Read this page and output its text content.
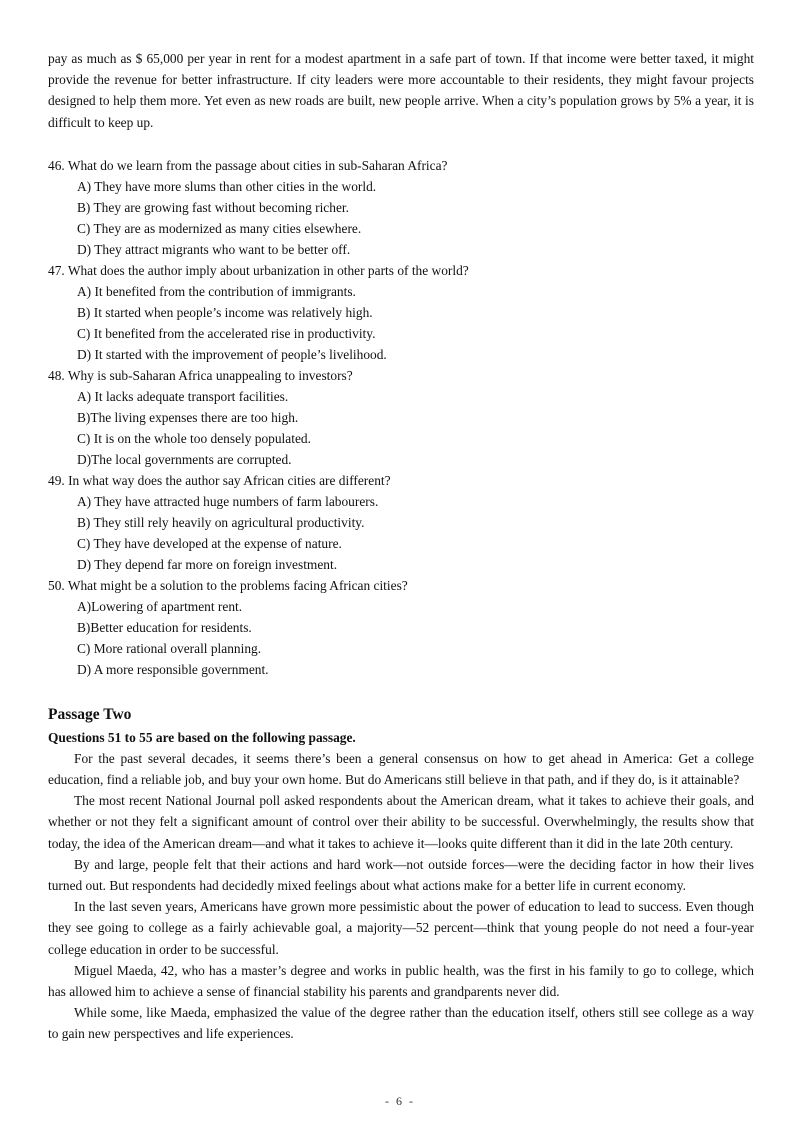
pay as much as $ 65,000 per year in rent for a modest apartment in a safe part of town. If that income were better taxed, it might provide the revenue for better infrastructure. If city leaders were more accountable to their residents, they might favour projects designed to help them more. Yet even as new roads are built, new people arrive. When a city’s population grows by 5% a year, it is difficult to keep up.

46. What do we learn from the passage about cities in sub-Saharan Africa?

A) They have more slums than other cities in the world.

B) They are growing fast without becoming richer.

C) They are as modernized as many cities elsewhere.

D) They attract migrants who want to be better off.

47. What does the author imply about urbanization in other parts of the world?

A) It benefited from the contribution of immigrants.

B) It started when people’s income was relatively high.

C) It benefited from the accelerated rise in productivity.

D) It started with the improvement of people’s livelihood.

48. Why is sub-Saharan Africa unappealing to investors?

A) It lacks adequate transport facilities.

B)The living expenses there are too high.

C) It is on the whole too densely populated.

D)The local governments are corrupted.

49. In what way does the author say African cities are different?

A) They have attracted huge numbers of farm labourers.

B) They still rely heavily on agricultural productivity.

C) They have developed at the expense of nature.

D) They depend far more on foreign investment.

50. What might be a solution to the problems facing African cities?

A)Lowering of apartment rent.

B)Better education for residents.

C) More rational overall planning.

D) A more responsible government.

Passage Two

Questions 51 to 55 are based on the following passage.

For the past several decades, it seems there’s been a general consensus on how to get ahead in America: Get a college education, find a reliable job, and buy your own home. But do Americans still believe in that path, and if they do, is it attainable?

The most recent National Journal poll asked respondents about the American dream, what it takes to achieve their goals, and whether or not they felt a significant amount of control over their ability to be successful. Overwhelmingly, the results show that today, the idea of the American dream—and what it takes to achieve it—looks quite different than it did in the late 20th century.

By and large, people felt that their actions and hard work—not outside forces—were the deciding factor in how their lives turned out. But respondents had decidedly mixed feelings about what actions make for a better life in current economy.

In the last seven years, Americans have grown more pessimistic about the power of education to lead to success. Even though they see going to college as a fairly achievable goal, a majority—52 percent—think that young people do not need a four-year college education in order to be successful.

Miguel Maeda, 42, who has a master’s degree and works in public health, was the first in his family to go to college, which has allowed him to achieve a sense of financial stability his parents and grandparents never did.

While some, like Maeda, emphasized the value of the degree rather than the education itself, others still see college as a way to gain new perspectives and life experiences.

- 6 -
